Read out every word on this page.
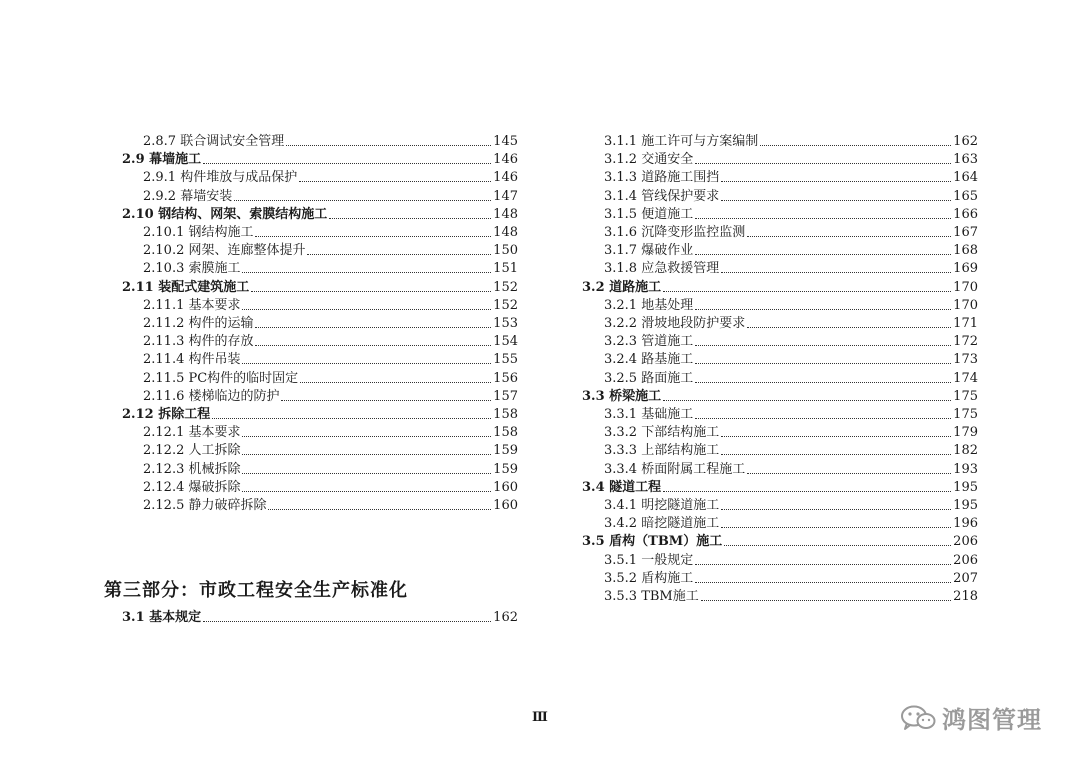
2.8.7 联合调试安全管理	145
2.9 幕墙施工	146
2.9.1 构件堆放与成品保护	146
2.9.2 幕墙安装	147
2.10 钢结构、网架、索膜结构施工	148
2.10.1 钢结构施工	148
2.10.2 网架、连廊整体提升	150
2.10.3 索膜施工	151
2.11 装配式建筑施工	152
2.11.1 基本要求	152
2.11.2 构件的运输	153
2.11.3 构件的存放	154
2.11.4 构件吊装	155
2.11.5 PC构件的临时固定	156
2.11.6 楼梯临边的防护	157
2.12 拆除工程	158
2.12.1 基本要求	158
2.12.2 人工拆除	159
2.12.3 机械拆除	159
2.12.4 爆破拆除	160
2.12.5 静力破碎拆除	160
第三部分：市政工程安全生产标准化
3.1 基本规定	162
3.1.1 施工许可与方案编制	162
3.1.2 交通安全	163
3.1.3 道路施工围挡	164
3.1.4 管线保护要求	165
3.1.5 便道施工	166
3.1.6 沉降变形监控监测	167
3.1.7 爆破作业	168
3.1.8 应急救援管理	169
3.2 道路施工	170
3.2.1 地基处理	170
3.2.2 滑坡地段防护要求	171
3.2.3 管道施工	172
3.2.4 路基施工	173
3.2.5 路面施工	174
3.3 桥梁施工	175
3.3.1 基础施工	175
3.3.2 下部结构施工	179
3.3.3 上部结构施工	182
3.3.4 桥面附属工程施工	193
3.4 隧道工程	195
3.4.1 明挖隧道施工	195
3.4.2 暗挖隧道施工	196
3.5 盾构（TBM）施工	206
3.5.1 一般规定	206
3.5.2 盾构施工	207
3.5.3 TBM施工	218
Ⅲ	鸿图管理
